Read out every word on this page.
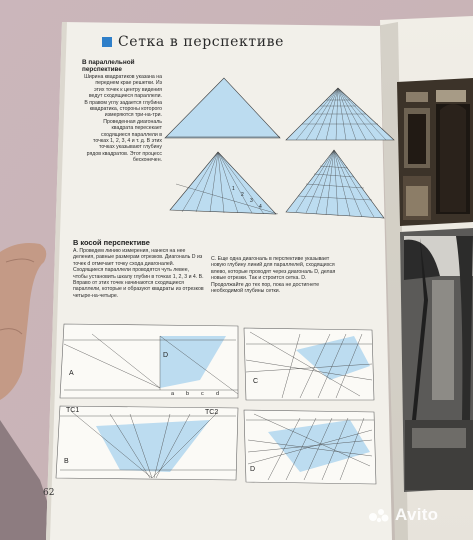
Сетка в перспективе
В параллельной перспективе
Ширина квадратиков указана на переднем крае решетки. Из этих точек к центру видения ведут сходящиеся параллели. В правом углу задается глубина квадратика, стороны которого измеряются три-на-три. Проведенная диагональ квадрата пересекает сходящиеся параллели в точках 1, 2, 3, 4 и т. д. В этих точках указывают глубину рядов квадратов. Этот процесс бесконечен.
В косой перспективе
А. Проведем линию измерения, нанеся на нее деления, равные размерам отрезков. Диагональ D из точек d отмечает точку схода диагоналей. Сходящиеся параллели проводятся чуть левее, чтобы установить шкалу глубин в точках 1, 2, 3 и 4. В. Вправо от этих точек начинаются сходящиеся параллели, которые и образуют квадраты из отрезков четыре-на-четыре.
С. Еще одна диагональ в перспективе указывает новую глубину линий для параллелей, сходящихся влево, которые проходят через диагональ D, делая новые отрезки. Так и строится сетка. D. Продолжайте до тех пор, пока не достигнете необходимой глубины сетки.
A
C
B
D
D
TC1	TC2
a b c d
1
2
3
4
62
Avito
